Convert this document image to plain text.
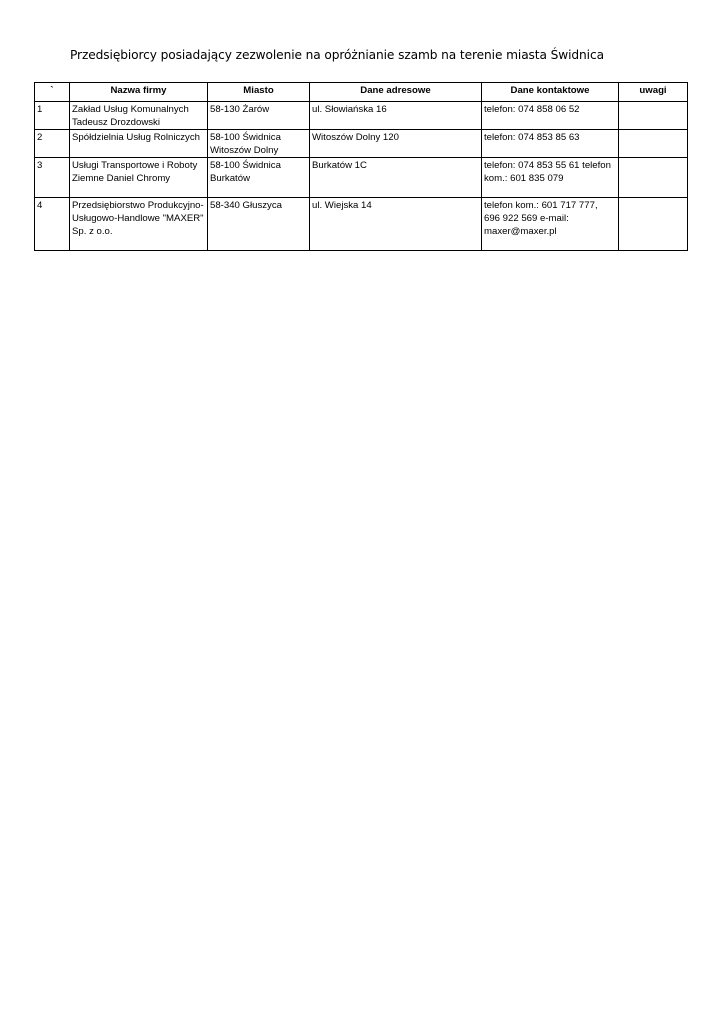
Przedsiębiorcy posiadający zezwolenie na opróżnianie szamb na terenie miasta Świdnica
`	Nazwa firmy	Miasto	Dane adresowe	Dane kontaktowe	uwagi
1	Zakład Usług Komunalnych Tadeusz Drozdowski	58-130 Żarów	ul. Słowiańska 16	telefon: 074 858 06 52	

2	Spółdzielnia Usług Rolniczych	58-100 Świdnica Witoszów Dolny	Witoszów Dolny 120	telefon: 074 853 85 63	

3	Usługi Transportowe i Roboty Ziemne Daniel Chromy	58-100 Świdnica Burkatów	Burkatów 1C	telefon: 074 853 55 61 telefon kom.: 601 835 079	

4	Przedsiębiorstwo Produkcyjno-Usługowo-Handlowe "MAXER" Sp. z o.o.	58-340 Głuszyca	ul. Wiejska 14	telefon kom.: 601 717 777, 696 922 569 e-mail: maxer@maxer.pl	
